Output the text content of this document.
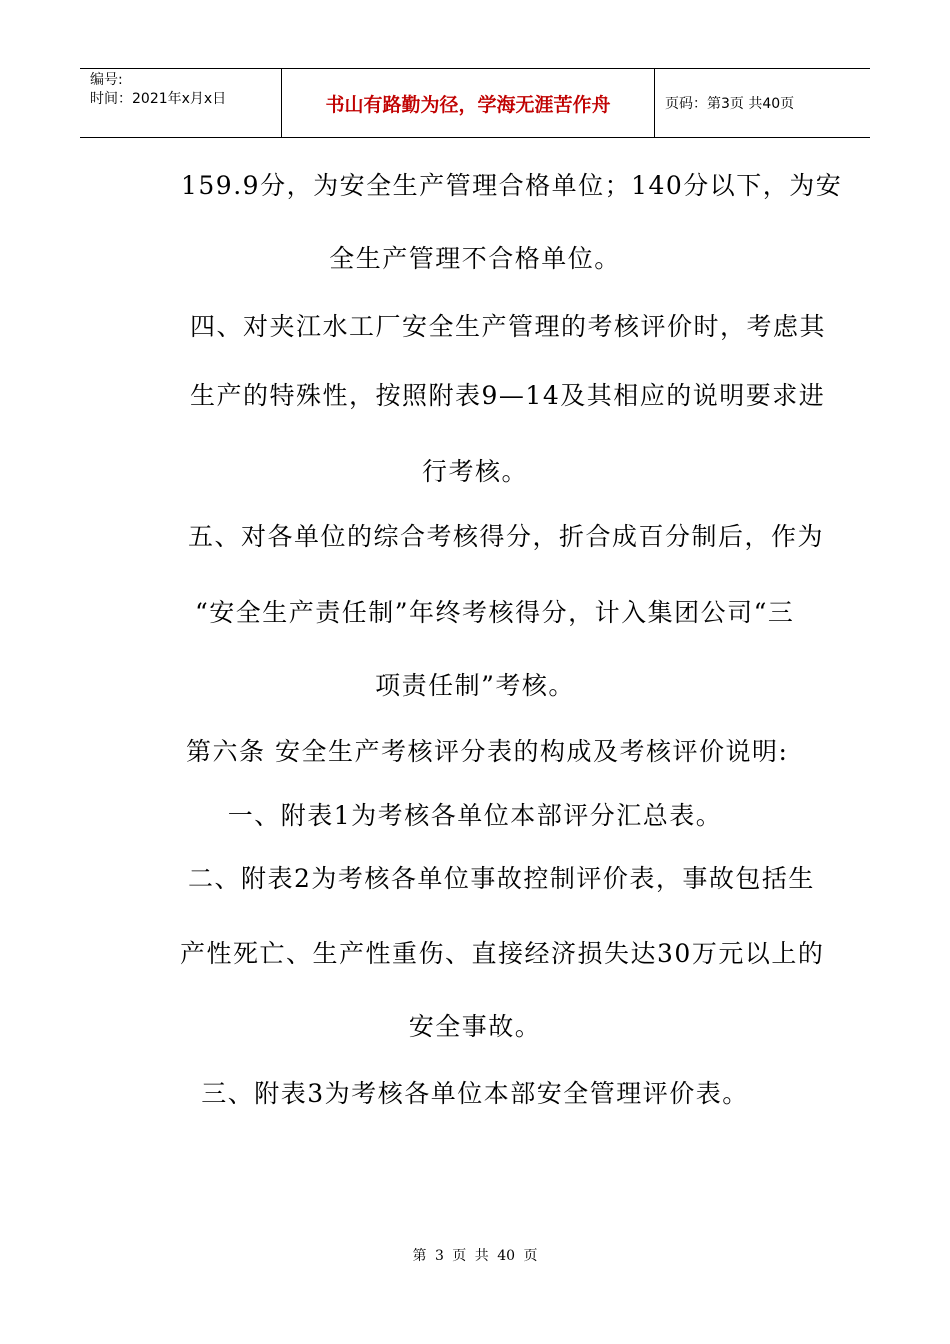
编号:
时间：2021年x月x日	书山有路勤为径，学海无涯苦作舟	页码：第3页 共40页
159.9分，为安全生产管理合格单位；140分以下，为安
全生产管理不合格单位。
四、对夹江水工厂安全生产管理的考核评价时，考虑其
生产的特殊性，按照附表9—14及其相应的说明要求进
行考核。
五、对各单位的综合考核得分，折合成百分制后，作为
“安全生产责任制”年终考核得分，计入集团公司“三
项责任制”考核。
第六条 安全生产考核评分表的构成及考核评价说明:
一、附表1为考核各单位本部评分汇总表。
二、附表2为考核各单位事故控制评价表，事故包括生
产性死亡、生产性重伤、直接经济损失达30万元以上的
安全事故。
三、附表3为考核各单位本部安全管理评价表。
第 3 页 共 40 页
